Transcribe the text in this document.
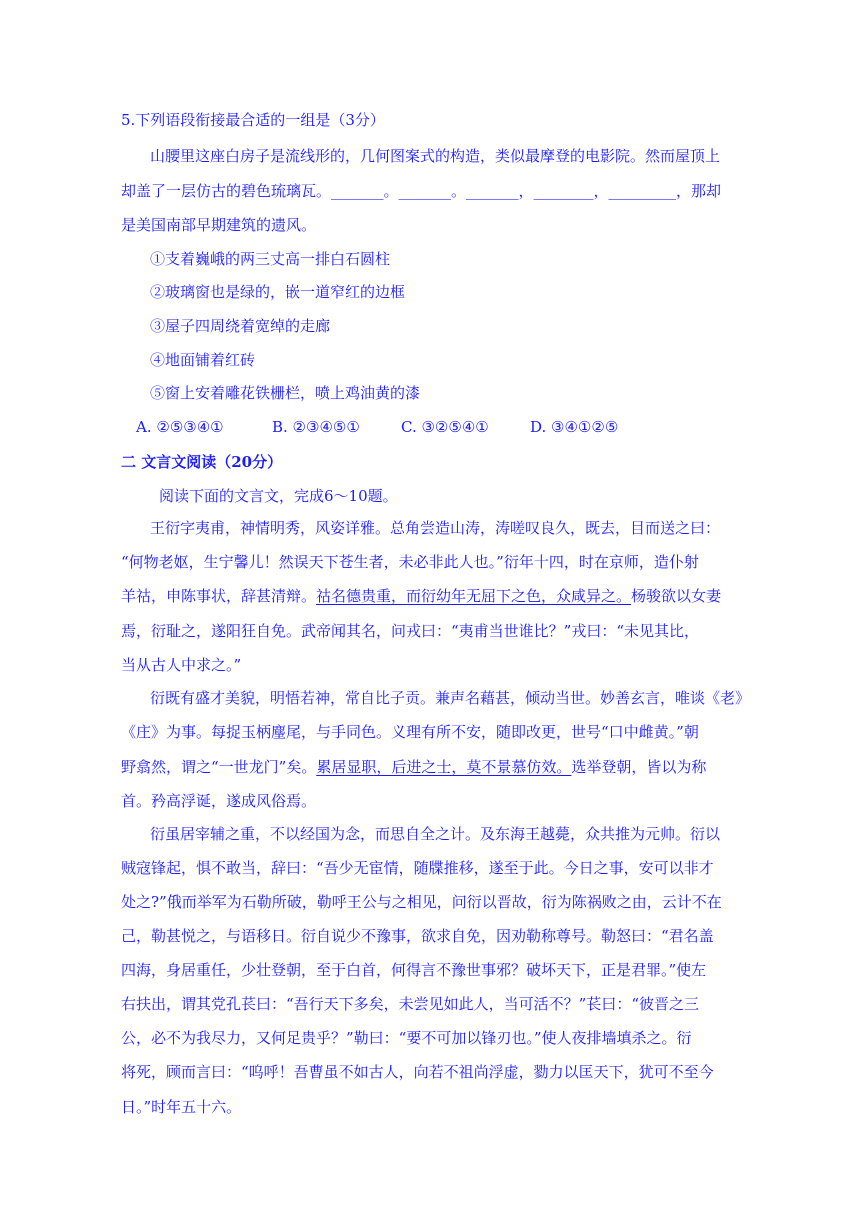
5.下列语段衔接最合适的一组是（3分）
山腰里这座白房子是流线形的，几何图案式的构造，类似最摩登的电影院。然而屋顶上
却盖了一层仿古的碧色琉璃瓦。_______。_______。_______，________，_________，那却
是美国南部早期建筑的遗风。
①支着巍峨的两三丈高一排白石圆柱
②玻璃窗也是绿的，嵌一道窄红的边框
③屋子四周绕着宽绰的走廊
④地面铺着红砖
⑤窗上安着雕花铁栅栏，喷上鸡油黄的漆
A. ②⑤③④①	B. ②③④⑤①	C. ③②⑤④①	D. ③④①②⑤
二 文言文阅读（20分）
阅读下面的文言文，完成6～10题。
王衍字夷甫，神情明秀，风姿详雅。总角尝造山涛，涛嗟叹良久，既去，目而送之曰：
“何物老妪，生宁馨儿！然误天下苍生者，未必非此人也。”衍年十四，时在京师，造仆射
羊祜，申陈事状，辞甚清辩。祜名德贵重，而衍幼年无屈下之色，众咸异之。杨骏欲以女妻
焉，衍耻之，遂阳狂自免。武帝闻其名，问戎曰：“夷甫当世谁比？”戎曰：“未见其比，
当从古人中求之。”
衍既有盛才美貌，明悟若神，常自比子贡。兼声名藉甚，倾动当世。妙善玄言，唯谈《老》
《庄》为事。每捉玉柄麈尾，与手同色。义理有所不安，随即改更，世号“口中雌黄。”朝
野翕然，谓之“一世龙门”矣。累居显职，后进之士，莫不景慕仿效。选举登朝，皆以为称
首。矜高浮诞，遂成风俗焉。
衍虽居宰辅之重，不以经国为念，而思自全之计。及东海王越薨，众共推为元帅。衍以
贼寇锋起，惧不敢当，辞曰：“吾少无宦情，随牒推移，遂至于此。今日之事，安可以非才
处之?”俄而举军为石勒所破，勒呼王公与之相见，问衍以晋故，衍为陈祸败之由，云计不在
己，勒甚悦之，与语移日。衍自说少不豫事，欲求自免，因劝勒称尊号。勒怒曰：“君名盖
四海，身居重任，少壮登朝，至于白首，何得言不豫世事邪？破坏天下，正是君罪。”使左
右扶出，谓其党孔苌曰：“吾行天下多矣，未尝见如此人，当可活不？”苌曰：“彼晋之三
公，必不为我尽力，又何足贵乎？”勒曰：“要不可加以锋刃也。”使人夜排墙填杀之。衍
将死，顾而言曰：“呜呼！吾曹虽不如古人，向若不祖尚浮虚，勠力以匡天下，犹可不至今
日。”时年五十六。
